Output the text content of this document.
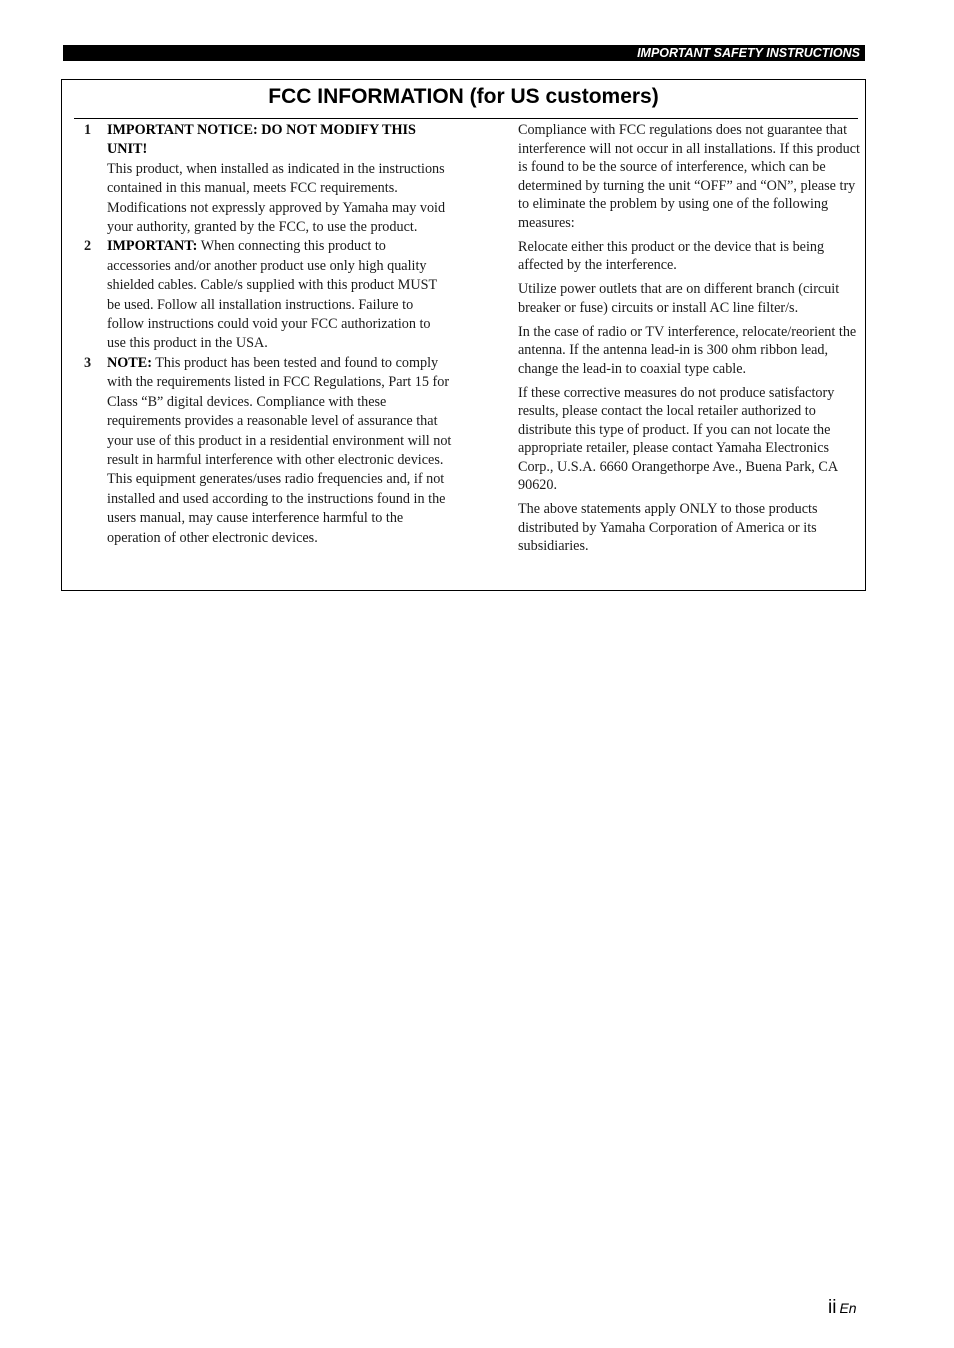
IMPORTANT SAFETY INSTRUCTIONS
FCC INFORMATION (for US customers)
1	IMPORTANT NOTICE: DO NOT MODIFY THIS UNIT!

This product, when installed as indicated in the instructions contained in this manual, meets FCC requirements. Modifications not expressly approved by Yamaha may void your authority, granted by the FCC, to use the product.

2	IMPORTANT: When connecting this product to accessories and/or another product use only high quality shielded cables. Cable/s supplied with this product MUST be used. Follow all installation instructions. Failure to follow instructions could void your FCC authorization to use this product in the USA.

3	NOTE: This product has been tested and found to comply with the requirements listed in FCC Regulations, Part 15 for Class “B” digital devices. Compliance with these requirements provides a reasonable level of assurance that your use of this product in a residential environment will not result in harmful interference with other electronic devices.

This equipment generates/uses radio frequencies and, if not installed and used according to the instructions found in the users manual, may cause interference harmful to the operation of other electronic devices.

Compliance with FCC regulations does not guarantee that interference will not occur in all installations. If this product is found to be the source of interference, which can be determined by turning the unit “OFF” and “ON”, please try to eliminate the problem by using one of the following measures:

Relocate either this product or the device that is being affected by the interference.

Utilize power outlets that are on different branch (circuit breaker or fuse) circuits or install AC line filter/s.

In the case of radio or TV interference, relocate/reorient the antenna. If the antenna lead-in is 300 ohm ribbon lead, change the lead-in to coaxial type cable.

If these corrective measures do not produce satisfactory results, please contact the local retailer authorized to distribute this type of product. If you can not locate the appropriate retailer, please contact Yamaha Electronics Corp., U.S.A. 6660 Orangethorpe Ave., Buena Park, CA 90620.

The above statements apply ONLY to those products distributed by Yamaha Corporation of America or its subsidiaries.

ii En
